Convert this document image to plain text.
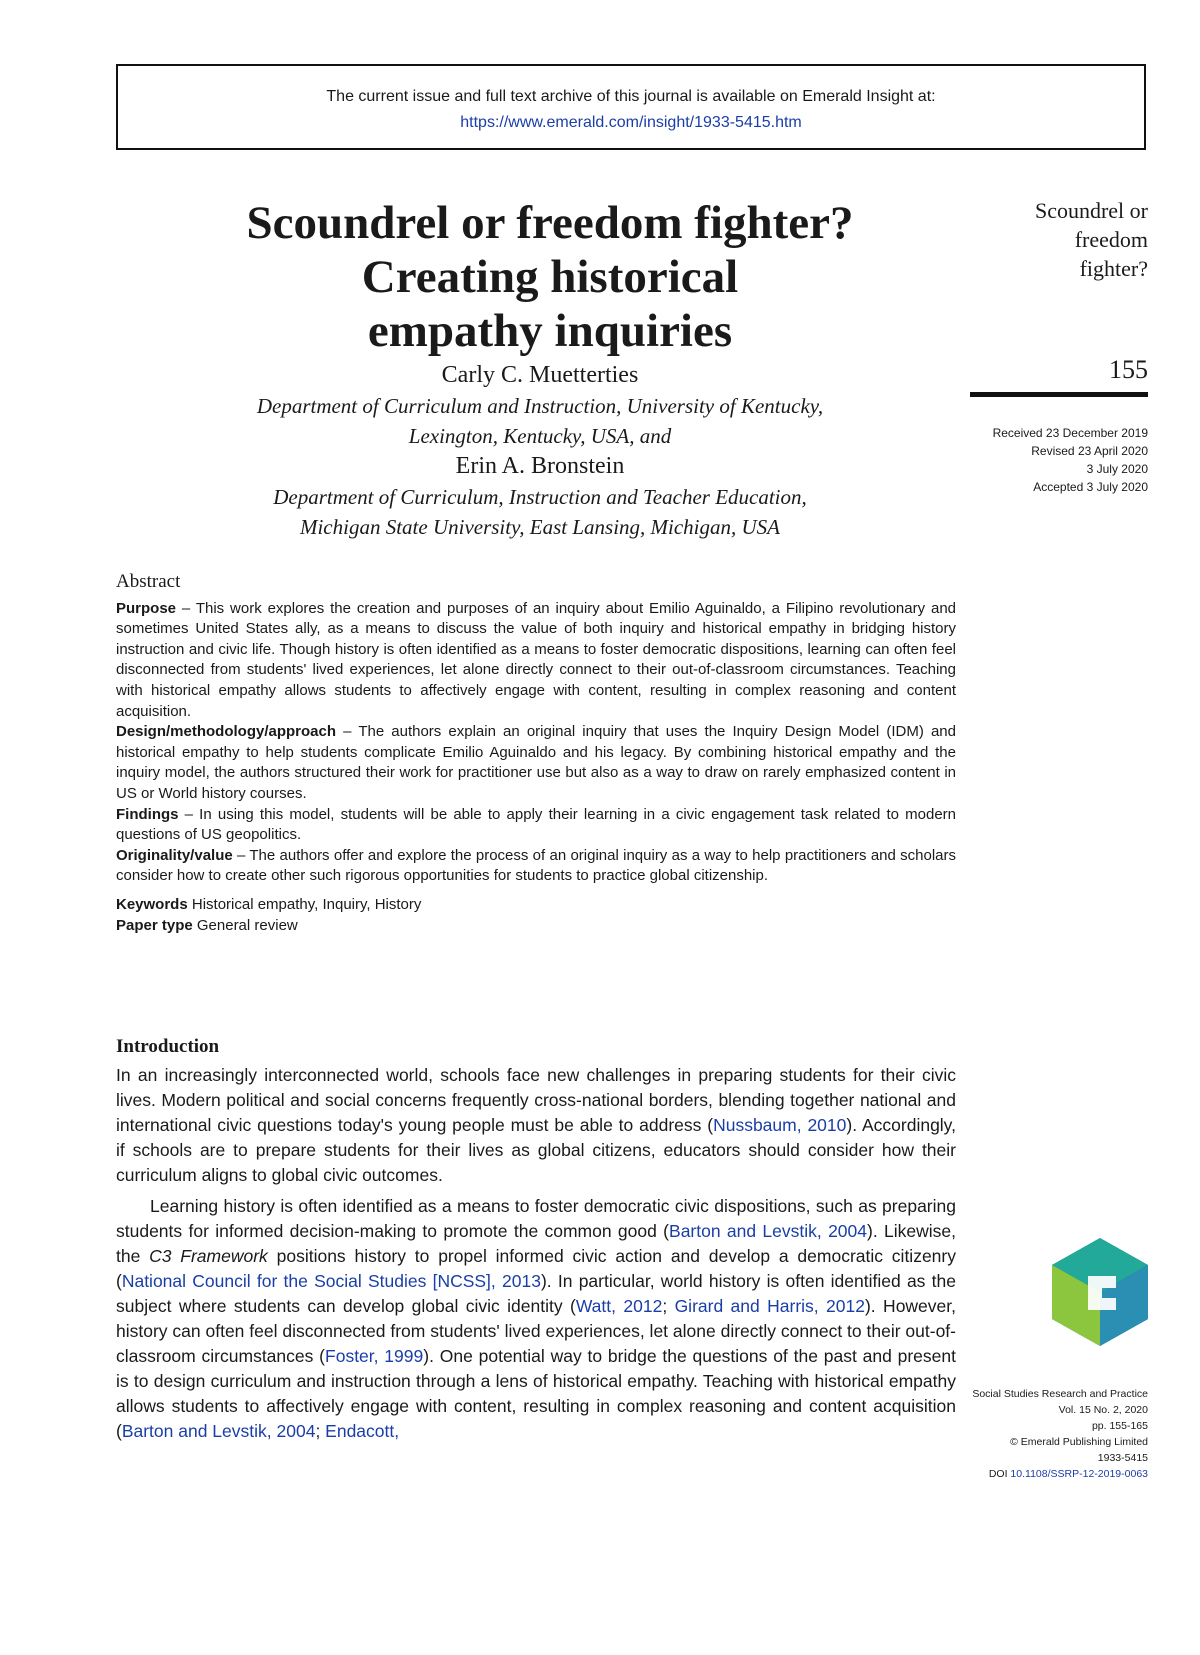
The current issue and full text archive of this journal is available on Emerald Insight at:
https://www.emerald.com/insight/1933-5415.htm
Scoundrel or freedom fighter?
Creating historical
empathy inquiries
Carly C. Muetterties
Department of Curriculum and Instruction, University of Kentucky,
Lexington, Kentucky, USA, and
Erin A. Bronstein
Department of Curriculum, Instruction and Teacher Education,
Michigan State University, East Lansing, Michigan, USA
Scoundrel or
freedom
fighter?
155
Received 23 December 2019
Revised 23 April 2020
3 July 2020
Accepted 3 July 2020
Abstract

Purpose – This work explores the creation and purposes of an inquiry about Emilio Aguinaldo, a Filipino revolutionary and sometimes United States ally, as a means to discuss the value of both inquiry and historical empathy in bridging history instruction and civic life. Though history is often identified as a means to foster democratic dispositions, learning can often feel disconnected from students' lived experiences, let alone directly connect to their out-of-classroom circumstances. Teaching with historical empathy allows students to affectively engage with content, resulting in complex reasoning and content acquisition.

Design/methodology/approach – The authors explain an original inquiry that uses the Inquiry Design Model (IDM) and historical empathy to help students complicate Emilio Aguinaldo and his legacy. By combining historical empathy and the inquiry model, the authors structured their work for practitioner use but also as a way to draw on rarely emphasized content in US or World history courses.

Findings – In using this model, students will be able to apply their learning in a civic engagement task related to modern questions of US geopolitics.

Originality/value – The authors offer and explore the process of an original inquiry as a way to help practitioners and scholars consider how to create other such rigorous opportunities for students to practice global citizenship.

Keywords Historical empathy, Inquiry, History

Paper type General review

Introduction

In an increasingly interconnected world, schools face new challenges in preparing students for their civic lives. Modern political and social concerns frequently cross-national borders, blending together national and international civic questions today's young people must be able to address (Nussbaum, 2010). Accordingly, if schools are to prepare students for their lives as global citizens, educators should consider how their curriculum aligns to global civic outcomes.

Learning history is often identified as a means to foster democratic civic dispositions, such as preparing students for informed decision-making to promote the common good (Barton and Levstik, 2004). Likewise, the C3 Framework positions history to propel informed civic action and develop a democratic citizenry (National Council for the Social Studies [NCSS], 2013). In particular, world history is often identified as the subject where students can develop global civic identity (Watt, 2012; Girard and Harris, 2012). However, history can often feel disconnected from students' lived experiences, let alone directly connect to their out-of-classroom circumstances (Foster, 1999). One potential way to bridge the questions of the past and present is to design curriculum and instruction through a lens of historical empathy. Teaching with historical empathy allows students to affectively engage with content, resulting in complex reasoning and content acquisition (Barton and Levstik, 2004; Endacott,

Social Studies Research and Practice
Vol. 15 No. 2, 2020
pp. 155-165
© Emerald Publishing Limited
1933-5415
DOI 10.1108/SSRP-12-2019-0063
